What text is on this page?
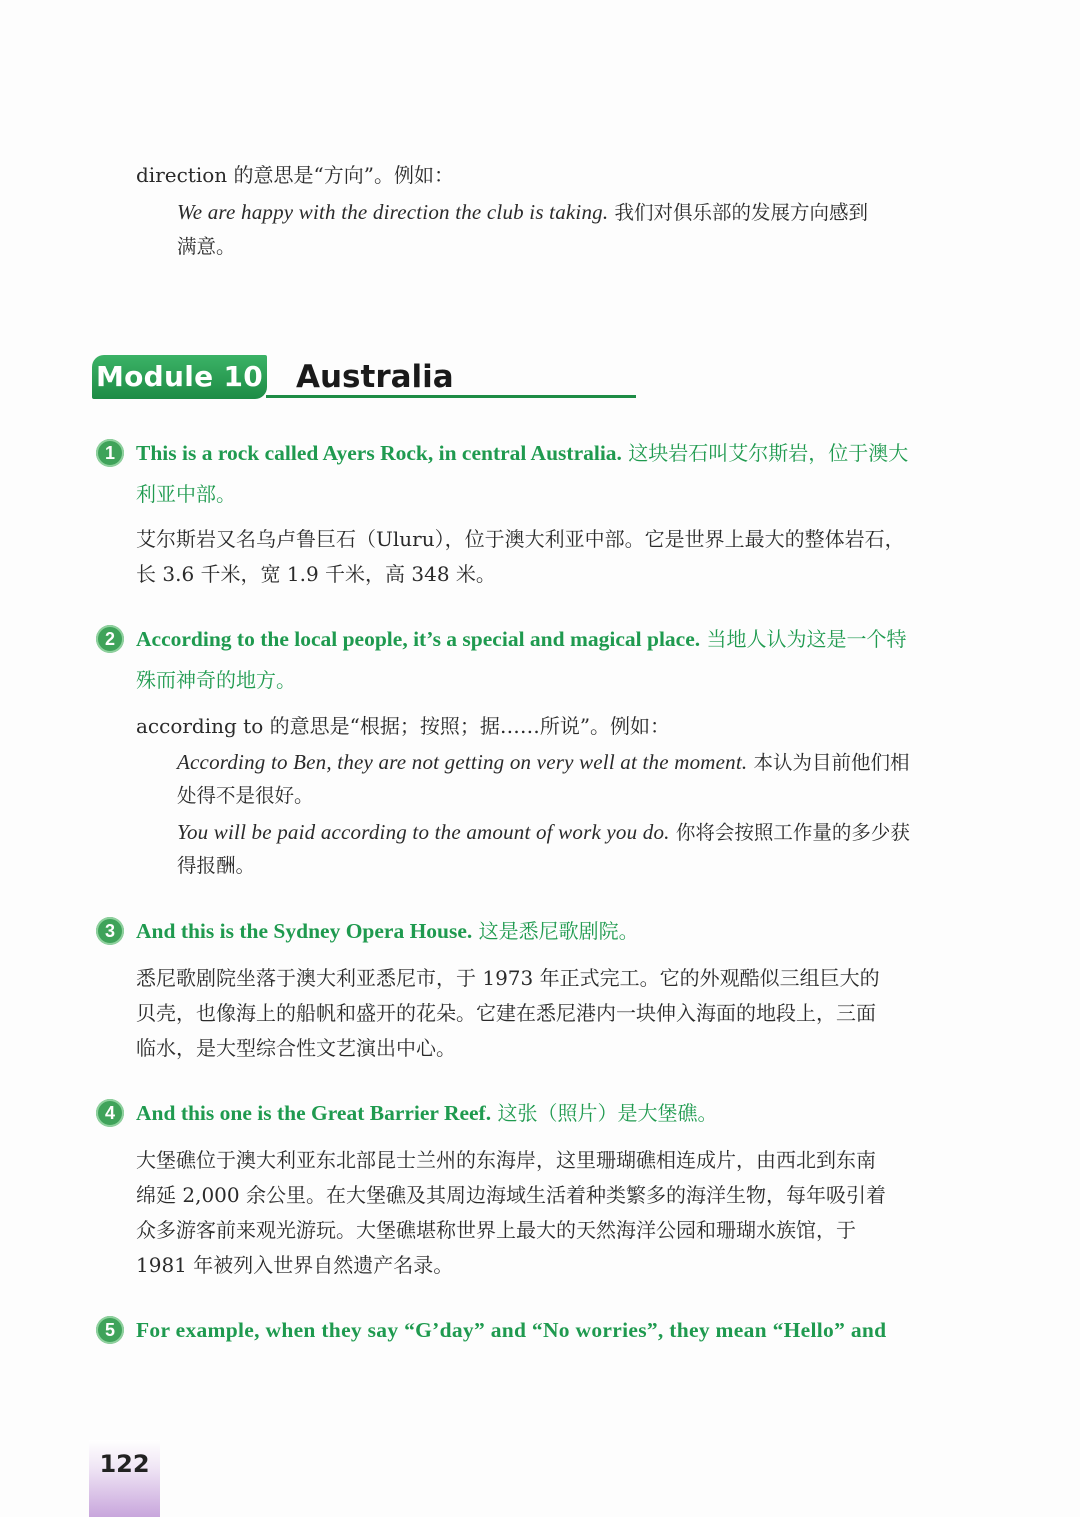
direction 的意思是“方向”。例如：
We are happy with the direction the club is taking. 我们对俱乐部的发展方向感到
满意。
Module 10 Australia
1 This is a rock called Ayers Rock, in central Australia. 这块岩石叫艾尔斯岩，位于澳大
利亚中部。
艾尔斯岩又名乌卢鲁巨石（Uluru），位于澳大利亚中部。它是世界上最大的整体岩石，
长 3.6 千米，宽 1.9 千米，高 348 米。
2 According to the local people, it’s a special and magical place. 当地人认为这是一个特
殊而神奇的地方。
according to 的意思是“根据；按照；据……所说”。例如：
According to Ben, they are not getting on very well at the moment. 本认为目前他们相
处得不是很好。
You will be paid according to the amount of work you do. 你将会按照工作量的多少获
得报酬。
3 And this is the Sydney Opera House. 这是悉尼歌剧院。
悉尼歌剧院坐落于澳大利亚悉尼市，于 1973 年正式完工。它的外观酷似三组巨大的
贝壳，也像海上的船帆和盛开的花朵。它建在悉尼港内一块伸入海面的地段上，三面
临水，是大型综合性文艺演出中心。
4 And this one is the Great Barrier Reef. 这张（照片）是大堡礁。
大堡礁位于澳大利亚东北部昆士兰州的东海岸，这里珊瑚礁相连成片，由西北到东南
绵延 2,000 余公里。在大堡礁及其周边海域生活着种类繁多的海洋生物，每年吸引着
众多游客前来观光游玩。大堡礁堪称世界上最大的天然海洋公园和珊瑚水族馆，于
1981 年被列入世界自然遗产名录。
5 For example, when they say “G’day” and “No worries”, they mean “Hello” and
122
